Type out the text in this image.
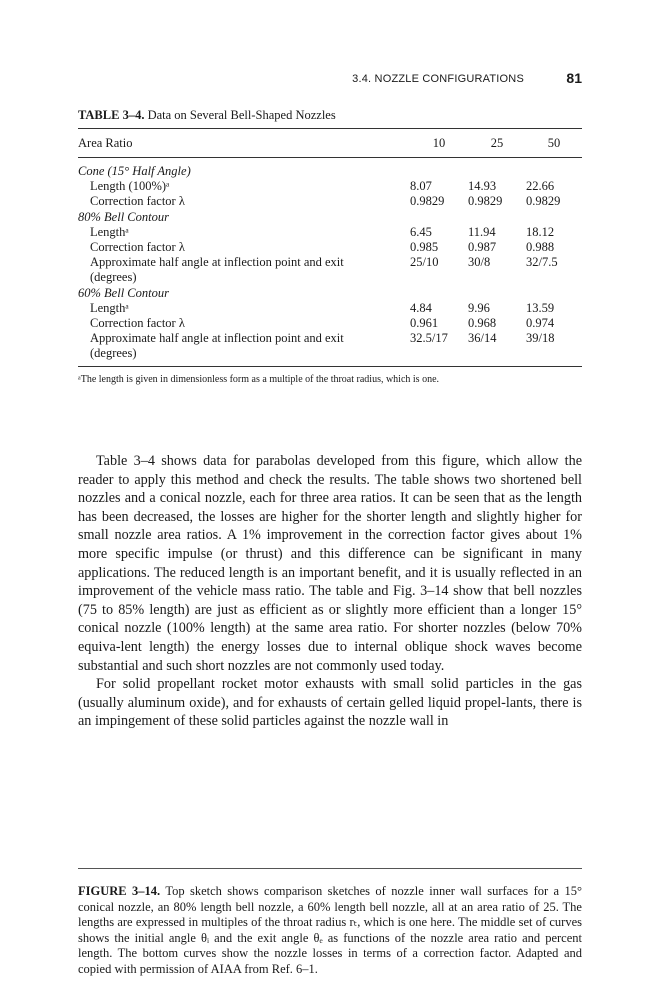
3.4. NOZZLE CONFIGURATIONS	81
TABLE 3–4. Data on Several Bell-Shaped Nozzles
Area Ratio	10	25	50
Cone (15° Half Angle)			
Length (100%)ᵃ	8.07	14.93	22.66
Correction factor λ	0.9829	0.9829	0.9829
80% Bell Contour			
Lengthᵃ	6.45	11.94	18.12
Correction factor λ	0.985	0.987	0.988
Approximate half angle at inflection point and exit	25/10	30/8	32/7.5
(degrees)			
60% Bell Contour			
Lengthᵃ	4.84	9.96	13.59
Correction factor λ	0.961	0.968	0.974
Approximate half angle at inflection point and exit	32.5/17	36/14	39/18
(degrees)			
ᵃThe length is given in dimensionless form as a multiple of the throat radius, which is one.

Table 3–4 shows data for parabolas developed from this figure, which allow the reader to apply this method and check the results. The table shows two shortened bell nozzles and a conical nozzle, each for three area ratios. It can be seen that as the length has been decreased, the losses are higher for the shorter length and slightly higher for small nozzle area ratios. A 1% improvement in the correction factor gives about 1% more specific impulse (or thrust) and this difference can be significant in many applications. The reduced length is an important benefit, and it is usually reflected in an improvement of the vehicle mass ratio. The table and Fig. 3–14 show that bell nozzles (75 to 85% length) are just as efficient as or slightly more efficient than a longer 15° conical nozzle (100% length) at the same area ratio. For shorter nozzles (below 70% equiva-lent length) the energy losses due to internal oblique shock waves become substantial and such short nozzles are not commonly used today.

For solid propellant rocket motor exhausts with small solid particles in the gas (usually aluminum oxide), and for exhausts of certain gelled liquid propel-lants, there is an impingement of these solid particles against the nozzle wall in

FIGURE 3–14. Top sketch shows comparison sketches of nozzle inner wall surfaces for a 15° conical nozzle, an 80% length bell nozzle, a 60% length bell nozzle, all at an area ratio of 25. The lengths are expressed in multiples of the throat radius rₜ, which is one here. The middle set of curves shows the initial angle θᵢ and the exit angle θₑ as functions of the nozzle area ratio and percent length. The bottom curves show the nozzle losses in terms of a correction factor. Adapted and copied with permission of AIAA from Ref. 6–1.
